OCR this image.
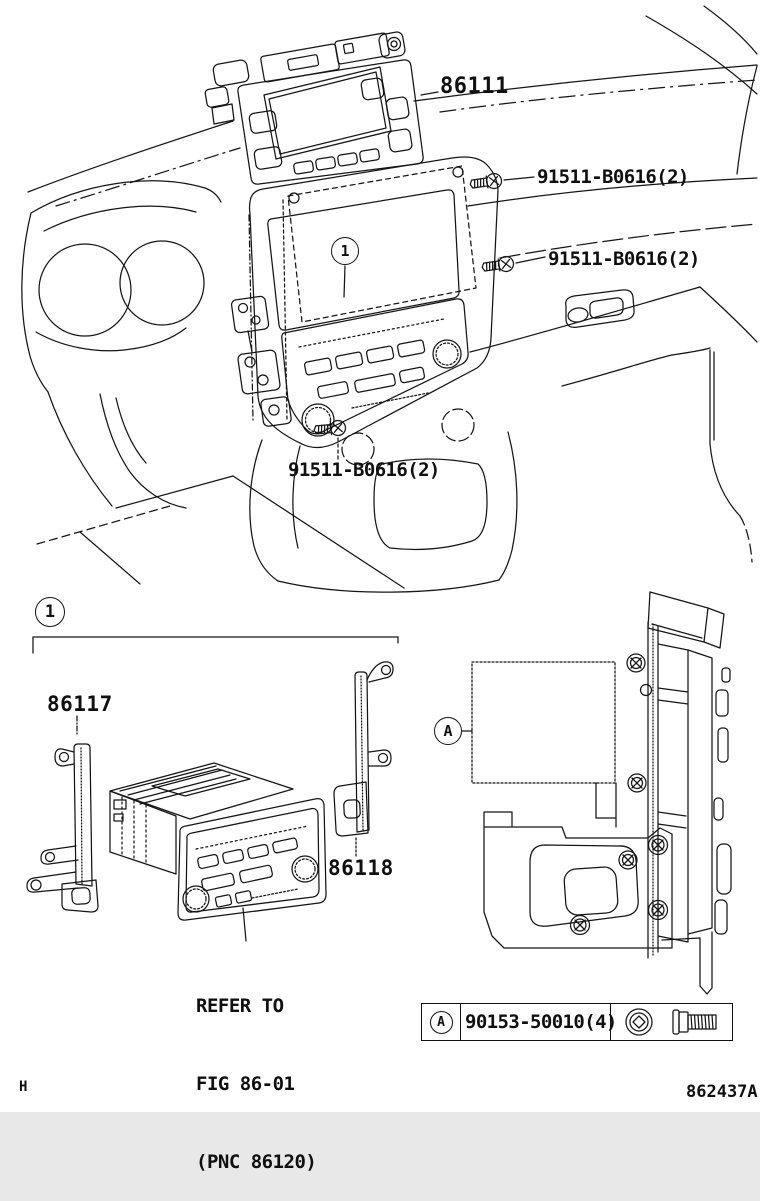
86111
91511-B0616(2)
91511-B0616(2)
91511-B0616(2)
86117
86118

REFER TO

FIG 86-01

(PNC 86120)

1
1
A
A	90153-50010(4)
H	862437A
